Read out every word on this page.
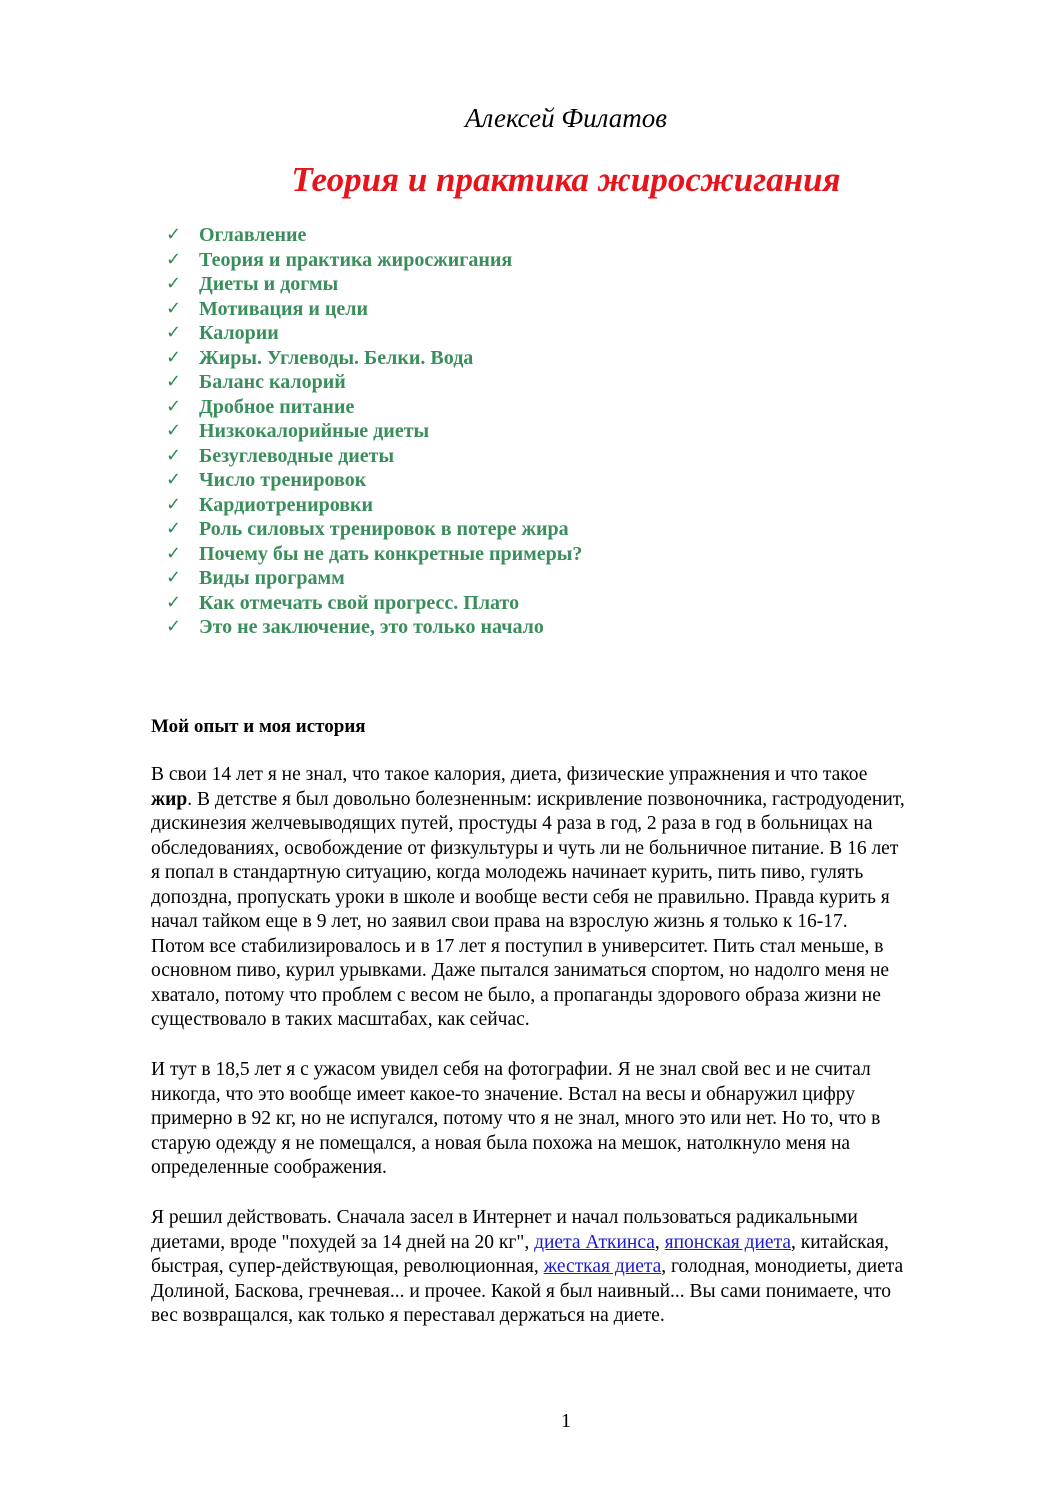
Алексей Филатов
Теория и практика жиросжигания
✓ Оглавление
✓ Теория и практика жиросжигания
✓ Диеты и догмы
✓ Мотивация и цели
✓ Калории
✓ Жиры. Углеводы. Белки. Вода
✓ Баланс калорий
✓ Дробное питание
✓ Низкокалорийные диеты
✓ Безуглеводные диеты
✓ Число тренировок
✓ Кардиотренировки
✓ Роль силовых тренировок в потере жира
✓ Почему бы не дать конкретные примеры?
✓ Виды программ
✓ Как отмечать свой прогресс. Плато
✓ Это не заключение, это только начало
Мой опыт и моя история

В свои 14 лет я не знал, что такое калория, диета, физические упражнения и что такое
жир. В детстве я был довольно болезненным: искривление позвоночника, гастродуоденит,
дискинезия желчевыводящих путей, простуды 4 раза в год, 2 раза в год в больницах на
обследованиях, освобождение от физкультуры и чуть ли не больничное питание. В 16 лет
я попал в стандартную ситуацию, когда молодежь начинает курить, пить пиво, гулять
допоздна, пропускать уроки в школе и вообще вести себя не правильно. Правда курить я
начал тайком еще в 9 лет, но заявил свои права на взрослую жизнь я только к 16-17.
Потом все стабилизировалось и в 17 лет я поступил в университет. Пить стал меньше, в
основном пиво, курил урывками. Даже пытался заниматься спортом, но надолго меня не
хватало, потому что проблем с весом не было, а пропаганды здорового образа жизни не
существовало в таких масштабах, как сейчас.

И тут в 18,5 лет я с ужасом увидел себя на фотографии. Я не знал свой вес и не считал
никогда, что это вообще имеет какое-то значение. Встал на весы и обнаружил цифру
примерно в 92 кг, но не испугался, потому что я не знал, много это или нет. Но то, что в
старую одежду я не помещался, а новая была похожа на мешок, натолкнуло меня на
определенные соображения.

Я решил действовать. Сначала засел в Интернет и начал пользоваться радикальными
диетами, вроде "похудей за 14 дней на 20 кг", диета Аткинса, японская диета, китайская,
быстрая, супер-действующая, революционная, жесткая диета, голодная, монодиеты, диета
Долиной, Баскова, гречневая... и прочее. Какой я был наивный... Вы сами понимаете, что
вес возвращался, как только я переставал держаться на диете.

1
